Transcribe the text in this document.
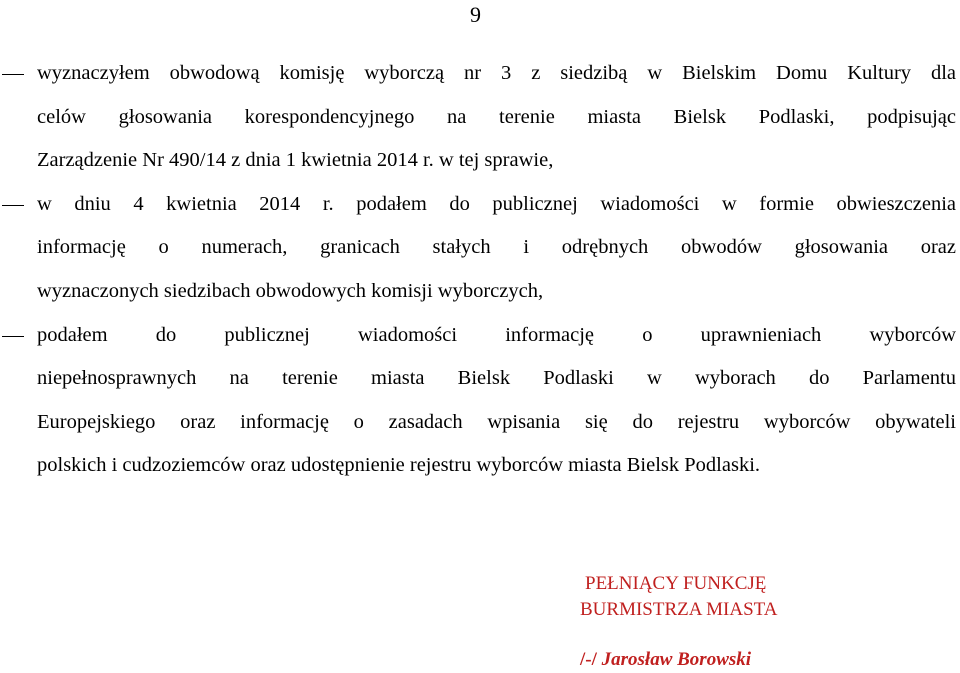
9
wyznaczyłem obwodową komisję wyborczą nr 3 z siedzibą w Bielskim Domu Kultury dla
celów głosowania korespondencyjnego na terenie miasta Bielsk Podlaski, podpisując
Zarządzenie Nr 490/14 z dnia 1 kwietnia 2014 r. w tej sprawie,
w dniu 4 kwietnia 2014 r. podałem do publicznej wiadomości w formie obwieszczenia
informację o numerach, granicach stałych i odrębnych obwodów głosowania oraz
wyznaczonych siedzibach obwodowych komisji wyborczych,
podałem do publicznej wiadomości informację o uprawnieniach wyborców
niepełnosprawnych na terenie miasta Bielsk Podlaski w wyborach do Parlamentu
Europejskiego oraz informację o zasadach wpisania się do rejestru wyborców obywateli
polskich i cudzoziemców oraz udostępnienie rejestru wyborców miasta Bielsk Podlaski.
PEŁNIĄCY FUNKCJĘ
BURMISTRZA MIASTA
/-/ Jarosław Borowski
